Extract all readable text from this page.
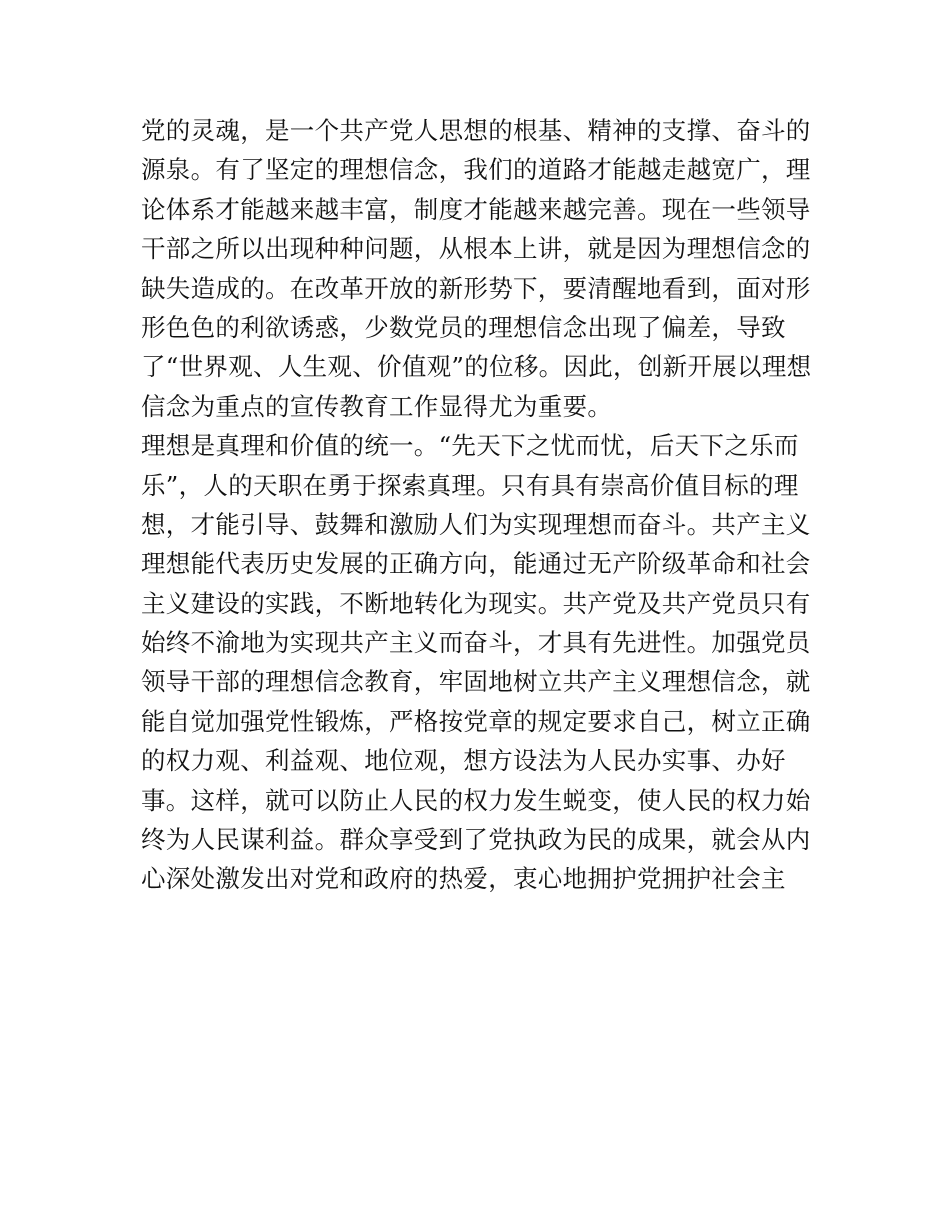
党的灵魂，是一个共产党人思想的根基、精神的支撑、奋斗的
源泉。有了坚定的理想信念，我们的道路才能越走越宽广，理
论体系才能越来越丰富，制度才能越来越完善。现在一些领导
干部之所以出现种种问题，从根本上讲，就是因为理想信念的
缺失造成的。在改革开放的新形势下，要清醒地看到，面对形
形色色的利欲诱惑，少数党员的理想信念出现了偏差，导致
了“世界观、人生观、价值观”的位移。因此，创新开展以理想
信念为重点的宣传教育工作显得尤为重要。
理想是真理和价值的统一。“先天下之忧而忧，后天下之乐而
乐”，人的天职在勇于探索真理。只有具有崇高价值目标的理
想，才能引导、鼓舞和激励人们为实现理想而奋斗。共产主义
理想能代表历史发展的正确方向，能通过无产阶级革命和社会
主义建设的实践，不断地转化为现实。共产党及共产党员只有
始终不渝地为实现共产主义而奋斗，才具有先进性。加强党员
领导干部的理想信念教育，牢固地树立共产主义理想信念，就
能自觉加强党性锻炼，严格按党章的规定要求自己，树立正确
的权力观、利益观、地位观，想方设法为人民办实事、办好
事。这样，就可以防止人民的权力发生蜕变，使人民的权力始
终为人民谋利益。群众享受到了党执政为民的成果，就会从内
心深处激发出对党和政府的热爱，衷心地拥护党拥护社会主
